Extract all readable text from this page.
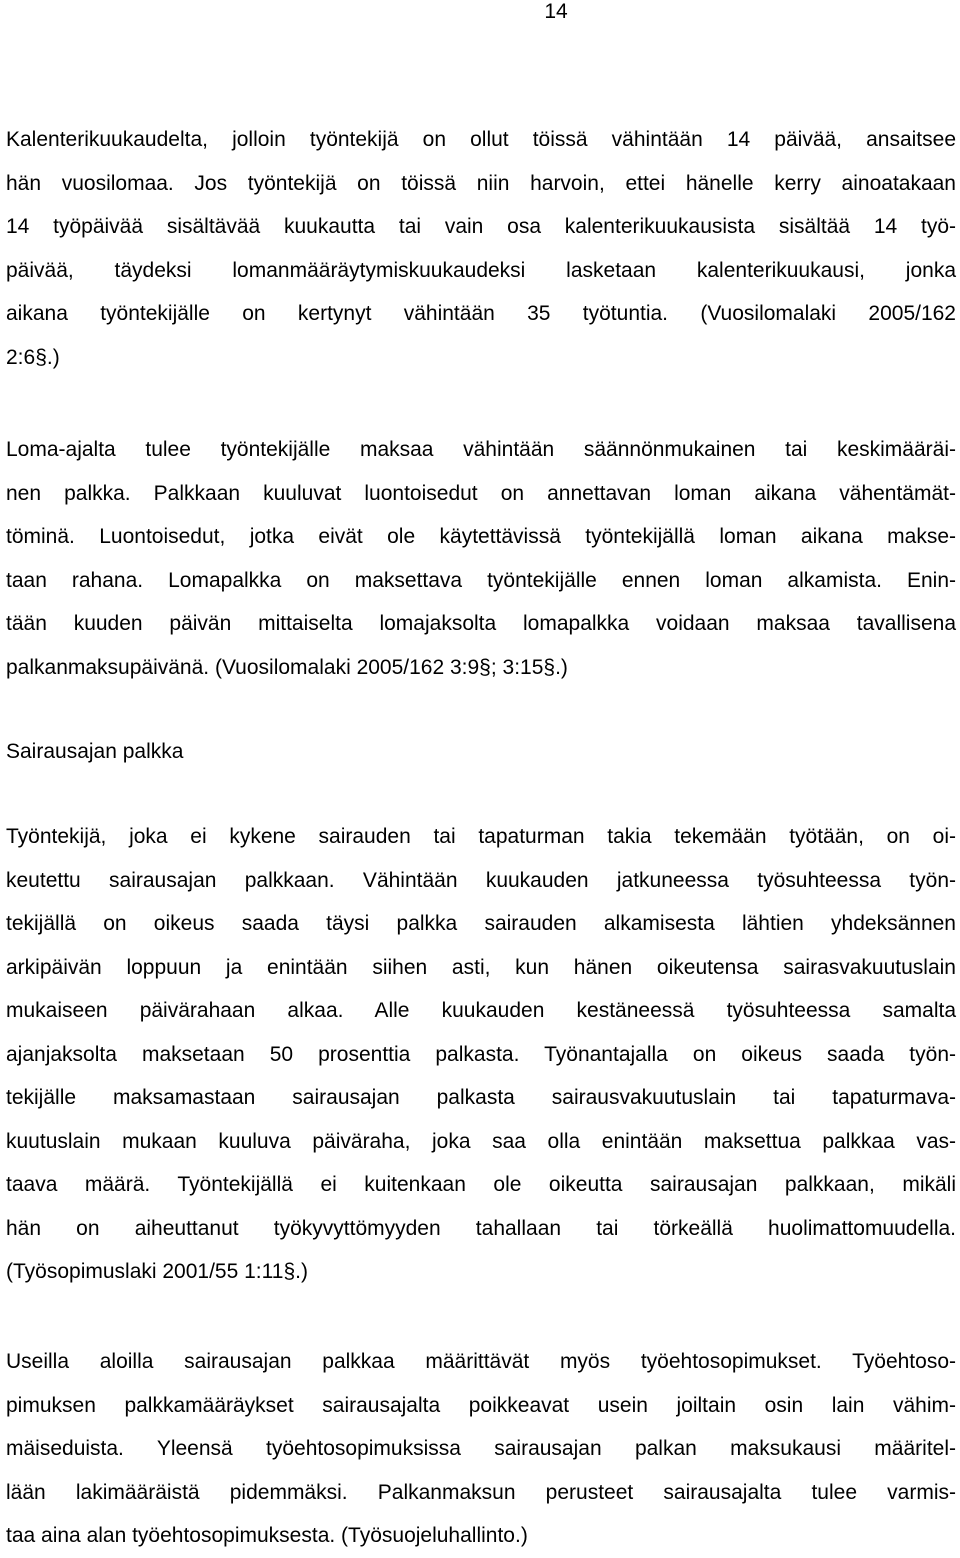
14
Kalenterikuukaudelta, jolloin työntekijä on ollut töissä vähintään 14 päivää, ansaitsee
hän vuosilomaa. Jos työntekijä on töissä niin harvoin, ettei hänelle kerry ainoatakaan
14 työpäivää sisältävää kuukautta tai vain osa kalenterikuukausista sisältää 14 työ-
päivää, täydeksi lomanmääräytymiskuukaudeksi lasketaan kalenterikuukausi, jonka
aikana työntekijälle on kertynyt vähintään 35 työtuntia. (Vuosilomalaki 2005/162
2:6§.)
Loma-ajalta tulee työntekijälle maksaa vähintään säännönmukainen tai keskimääräi-
nen palkka. Palkkaan kuuluvat luontoisedut on annettavan loman aikana vähentämät-
töminä. Luontoisedut, jotka eivät ole käytettävissä työntekijällä loman aikana makse-
taan rahana. Lomapalkka on maksettava työntekijälle ennen loman alkamista. Enin-
tään kuuden päivän mittaiselta lomajaksolta lomapalkka voidaan maksaa tavallisena
palkanmaksupäivänä. (Vuosilomalaki 2005/162 3:9§; 3:15§.)
Sairausajan palkka
Työntekijä, joka ei kykene sairauden tai tapaturman takia tekemään työtään, on oi-
keutettu sairausajan palkkaan. Vähintään kuukauden jatkuneessa työsuhteessa työn-
tekijällä on oikeus saada täysi palkka sairauden alkamisesta lähtien yhdeksännen
arkipäivän loppuun ja enintään siihen asti, kun hänen oikeutensa sairasvakuutuslain
mukaiseen päivärahaan alkaa. Alle kuukauden kestäneessä työsuhteessa samalta
ajanjaksolta maksetaan 50 prosenttia palkasta. Työnantajalla on oikeus saada työn-
tekijälle maksamastaan sairausajan palkasta sairausvakuutuslain tai tapaturmava-
kuutuslain mukaan kuuluva päiväraha, joka saa olla enintään maksettua palkkaa vas-
taava määrä. Työntekijällä ei kuitenkaan ole oikeutta sairausajan palkkaan, mikäli
hän on aiheuttanut työkyvyttömyyden tahallaan tai törkeällä huolimattomuudella.
(Työsopimuslaki 2001/55 1:11§.)
Useilla aloilla sairausajan palkkaa määrittävät myös työehtosopimukset. Työehtoso-
pimuksen palkkamääräykset sairausajalta poikkeavat usein joiltain osin lain vähim-
mäiseduista. Yleensä työehtosopimuksissa sairausajan palkan maksukausi määritel-
lään lakimääräistä pidemmäksi. Palkanmaksun perusteet sairausajalta tulee varmis-
taa aina alan työehtosopimuksesta. (Työsuojeluhallinto.)
